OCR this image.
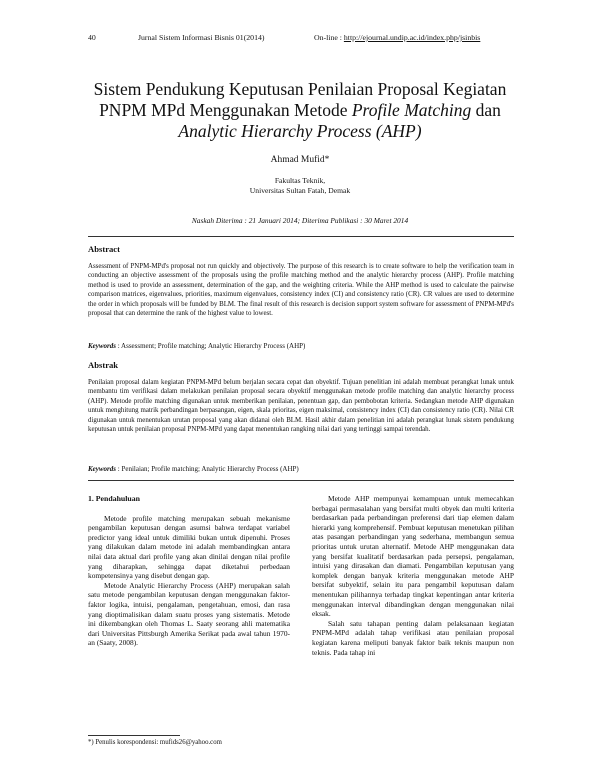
40	Jurnal Sistem Informasi Bisnis 01(2014)	On-line : http://ejournal.undip.ac.id/index.php/jsinbis
Sistem Pendukung Keputusan Penilaian Proposal Kegiatan
PNPM MPd Menggunakan Metode Profile Matching dan
Analytic Hierarchy Process (AHP)
Ahmad Mufid*
Fakultas Teknik,
Universitas Sultan Fatah, Demak
Naskah Diterima : 21 Januari 2014; Diterima Publikasi : 30 Maret 2014
Abstract
Assessment of PNPM-MPd's proposal not run quickly and objectively. The purpose of this research is to create software to help the verification team in conducting an objective assessment of the proposals using the profile matching method and the analytic hierarchy process (AHP). Profile matching method is used to provide an assessment, determination of the gap, and the weighting criteria. While the AHP method is used to calculate the pairwise comparison matrices, eigenvalues, priorities, maximum eigenvalues, consistency index (CI) and consistency ratio (CR). CR values are used to determine the order in which proposals will be funded by BLM. The final result of this research is decision support system software for assessment of PNPM-MPd's proposal that can determine the rank of the highest value to lowest.
Keywords : Assessment; Profile matching; Analytic Hierarchy Process (AHP)
Abstrak
Penilaian proposal dalam kegiatan PNPM-MPd belum berjalan secara cepat dan obyektif. Tujuan penelitian ini adalah membuat perangkat lunak untuk membantu tim verifikasi dalam melakukan penilaian proposal secara obyektif menggunakan metode profile matching dan analytic hierarchy process (AHP). Metode profile matching digunakan untuk memberikan penilaian, penentuan gap, dan pembobotan kriteria. Sedangkan metode AHP digunakan untuk menghitung matrik perbandingan berpasangan, eigen, skala prioritas, eigen maksimal, consistency index (CI) dan consistency ratio (CR). Nilai CR digunakan untuk menentukan urutan proposal yang akan didanai oleh BLM. Hasil akhir dalam penelitian ini adalah perangkat lunak sistem pendukung keputusan untuk penilaian proposal PNPM-MPd yang dapat menentukan rangking nilai dari yang tertinggi sampai terendah.
Keywords : Penilaian; Profile matching; Analytic Hierarchy Process (AHP)

1. Pendahuluan

Metode profile matching merupakan sebuah mekanisme pengambilan keputusan dengan asumsi bahwa terdapat variabel predictor yang ideal untuk dimiliki bukan untuk dipenuhi. Proses yang dilakukan dalam metode ini adalah membandingkan antara nilai data aktual dari profile yang akan dinilai dengan nilai profile yang diharapkan, sehingga dapat diketahui perbedaan kompetensinya yang disebut dengan gap.

Metode Analytic Hierarchy Process (AHP) merupakan salah satu metode pengambilan keputusan dengan menggunakan faktor-faktor logika, intuisi, pengalaman, pengetahuan, emosi, dan rasa yang dioptimalisikan dalam suatu proses yang sistematis. Metode ini dikembangkan oleh Thomas L. Saaty seorang ahli matematika dari Universitas Pittsburgh Amerika Serikat pada awal tahun 1970-an (Saaty, 2008).

Metode AHP mempunyai kemampuan untuk memecahkan berbagai permasalahan yang bersifat multi obyek dan multi kriteria berdasarkan pada perbandingan preferensi dari tiap elemen dalam hierarki yang komprehensif. Pembuat keputusan menetukan pilihan atas pasangan perbandingan yang sederhana, membangun semua prioritas untuk urutan alternatif. Metode AHP menggunakan data yang bersifat kualitatif berdasarkan pada persepsi, pengalaman, intuisi yang dirasakan dan diamati. Pengambilan keputusan yang komplek dengan banyak kriteria menggunakan metode AHP bersifat subyektif, selain itu para pengambil keputusan dalam menentukan pilihannya terhadap tingkat kepentingan antar kriteria menggunakan interval dibandingkan dengan menggunakan nilai eksak.

Salah satu tahapan penting dalam pelaksanaan kegiatan PNPM-MPd adalah tahap verifikasi atau penilaian proposal kegiatan karena meliputi banyak faktor baik teknis maupun non teknis. Pada tahap ini

*) Penulis korespondensi: mufids26@yahoo.com
